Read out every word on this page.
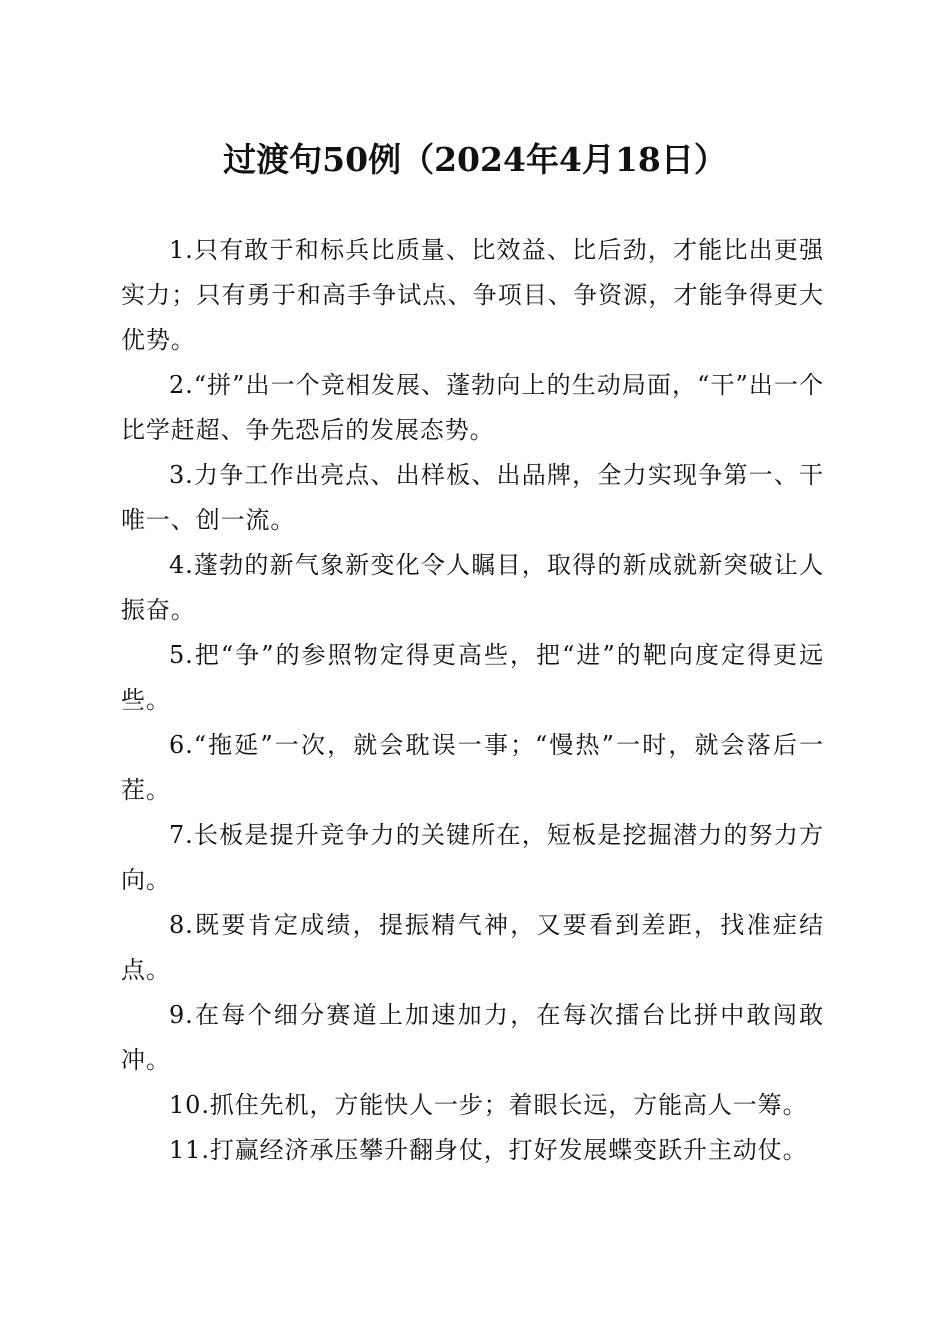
过渡句50例（2024年4月18日）

1.只有敢于和标兵比质量、比效益、比后劲，才能比出更强实力；只有勇于和高手争试点、争项目、争资源，才能争得更大优势。

2.“拼”出一个竞相发展、蓬勃向上的生动局面，“干”出一个比学赶超、争先恐后的发展态势。

3.力争工作出亮点、出样板、出品牌，全力实现争第一、干唯一、创一流。

4.蓬勃的新气象新变化令人瞩目，取得的新成就新突破让人振奋。

5.把“争”的参照物定得更高些，把“进”的靶向度定得更远些。

6.“拖延”一次，就会耽误一事；“慢热”一时，就会落后一茬。

7.长板是提升竞争力的关键所在，短板是挖掘潜力的努力方向。

8.既要肯定成绩，提振精气神，又要看到差距，找准症结点。

9.在每个细分赛道上加速加力，在每次擂台比拼中敢闯敢冲。

10.抓住先机，方能快人一步；着眼长远，方能高人一筹。

11.打赢经济承压攀升翻身仗，打好发展蝶变跃升主动仗。
